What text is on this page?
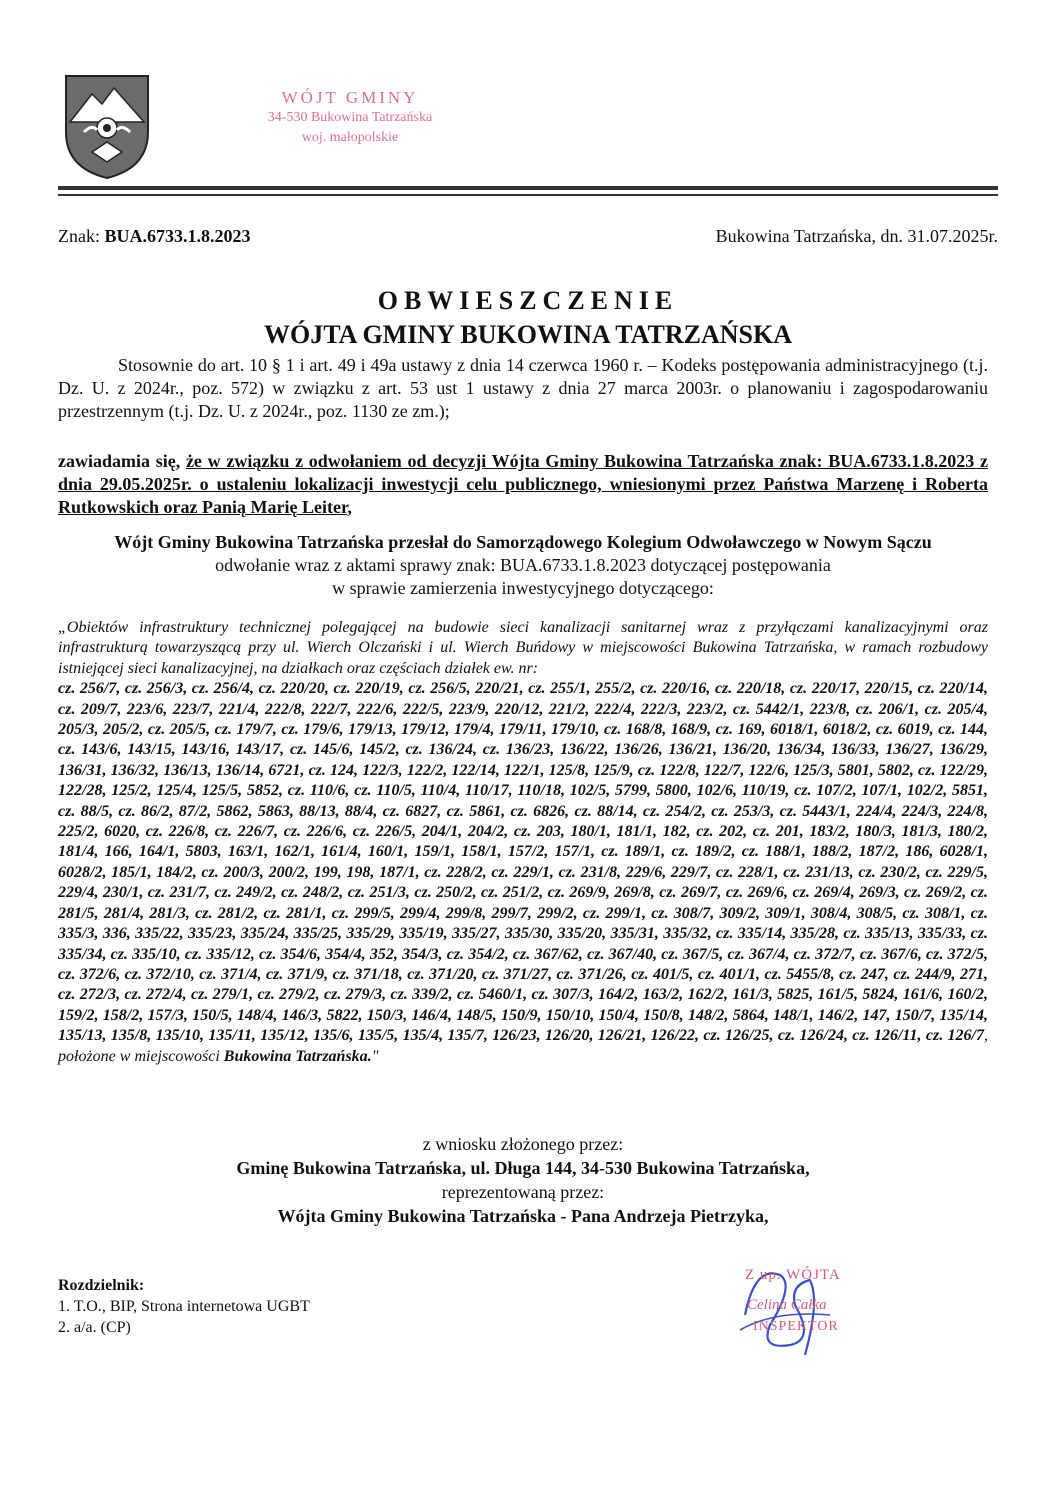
WÓJT GMINY
34-530 Bukowina Tatrzańska
woj. małopolskie
Znak: BUA.6733.1.8.2023	Bukowina Tatrzańska, dn. 31.07.2025r.
OBWIESZCZENIE
WÓJTA GMINY BUKOWINA TATRZAŃSKA
Stosownie do art. 10 § 1 i art. 49 i 49a ustawy z dnia 14 czerwca 1960 r. – Kodeks postępowania administracyjnego (t.j. Dz. U. z 2024r., poz. 572) w związku z art. 53 ust 1 ustawy z dnia 27 marca 2003r. o planowaniu i zagospodarowaniu przestrzennym (t.j. Dz. U. z 2024r., poz. 1130 ze zm.);
zawiadamia się, że w związku z odwołaniem od decyzji Wójta Gminy Bukowina Tatrzańska znak: BUA.6733.1.8.2023 z dnia 29.05.2025r. o ustaleniu lokalizacji inwestycji celu publicznego, wniesionymi przez Państwa Marzenę i Roberta Rutkowskich oraz Panią Marię Leiter,
Wójt Gminy Bukowina Tatrzańska przesłał do Samorządowego Kolegium Odwoławczego w Nowym Sączu
odwołanie wraz z aktami sprawy znak: BUA.6733.1.8.2023 dotyczącej postępowania
w sprawie zamierzenia inwestycyjnego dotyczącego:
„Obiektów infrastruktury technicznej polegającej na budowie sieci kanalizacji sanitarnej wraz z przyłączami kanalizacyjnymi oraz infrastrukturą towarzyszącą przy ul. Wierch Olczański i ul. Wierch Buńdowy w miejscowości Bukowina Tatrzańska, w ramach rozbudowy istniejącej sieci kanalizacyjnej, na działkach oraz częściach działek ew. nr:
cz. 256/7, cz. 256/3, cz. 256/4, cz. 220/20, cz. 220/19, cz. 256/5, 220/21, cz. 255/1, 255/2, cz. 220/16, cz. 220/18, cz. 220/17, 220/15, cz. 220/14, cz. 209/7, 223/6, 223/7, 221/4, 222/8, 222/7, 222/6, 222/5, 223/9, 220/12, 221/2, 222/4, 222/3, 223/2, cz. 5442/1, 223/8, cz. 206/1, cz. 205/4, 205/3, 205/2, cz. 205/5, cz. 179/7, cz. 179/6, 179/13, 179/12, 179/4, 179/11, 179/10, cz. 168/8, 168/9, cz. 169, 6018/1, 6018/2, cz. 6019, cz. 144, cz. 143/6, 143/15, 143/16, 143/17, cz. 145/6, 145/2, cz. 136/24, cz. 136/23, 136/22, 136/26, 136/21, 136/20, 136/34, 136/33, 136/27, 136/29, 136/31, 136/32, 136/13, 136/14, 6721, cz. 124, 122/3, 122/2, 122/14, 122/1, 125/8, 125/9, cz. 122/8, 122/7, 122/6, 125/3, 5801, 5802, cz. 122/29, 122/28, 125/2, 125/4, 125/5, 5852, cz. 110/6, cz. 110/5, 110/4, 110/17, 110/18, 102/5, 5799, 5800, 102/6, 110/19, cz. 107/2, 107/1, 102/2, 5851, cz. 88/5, cz. 86/2, 87/2, 5862, 5863, 88/13, 88/4, cz. 6827, cz. 5861, cz. 6826, cz. 88/14, cz. 254/2, cz. 253/3, cz. 5443/1, 224/4, 224/3, 224/8, 225/2, 6020, cz. 226/8, cz. 226/7, cz. 226/6, cz. 226/5, 204/1, 204/2, cz. 203, 180/1, 181/1, 182, cz. 202, cz. 201, 183/2, 180/3, 181/3, 180/2, 181/4, 166, 164/1, 5803, 163/1, 162/1, 161/4, 160/1, 159/1, 158/1, 157/2, 157/1, cz. 189/1, cz. 189/2, cz. 188/1, 188/2, 187/2, 186, 6028/1, 6028/2, 185/1, 184/2, cz. 200/3, 200/2, 199, 198, 187/1, cz. 228/2, cz. 229/1, cz. 231/8, 229/6, 229/7, cz. 228/1, cz. 231/13, cz. 230/2, cz. 229/5, 229/4, 230/1, cz. 231/7, cz. 249/2, cz. 248/2, cz. 251/3, cz. 250/2, cz. 251/2, cz. 269/9, 269/8, cz. 269/7, cz. 269/6, cz. 269/4, 269/3, cz. 269/2, cz. 281/5, 281/4, 281/3, cz. 281/2, cz. 281/1, cz. 299/5, 299/4, 299/8, 299/7, 299/2, cz. 299/1, cz. 308/7, 309/2, 309/1, 308/4, 308/5, cz. 308/1, cz. 335/3, 336, 335/22, 335/23, 335/24, 335/25, 335/29, 335/19, 335/27, 335/30, 335/20, 335/31, 335/32, cz. 335/14, 335/28, cz. 335/13, 335/33, cz. 335/34, cz. 335/10, cz. 335/12, cz. 354/6, 354/4, 352, 354/3, cz. 354/2, cz. 367/62, cz. 367/40, cz. 367/5, cz. 367/4, cz. 372/7, cz. 367/6, cz. 372/5, cz. 372/6, cz. 372/10, cz. 371/4, cz. 371/9, cz. 371/18, cz. 371/20, cz. 371/27, cz. 371/26, cz. 401/5, cz. 401/1, cz. 5455/8, cz. 247, cz. 244/9, 271, cz. 272/3, cz. 272/4, cz. 279/1, cz. 279/2, cz. 279/3, cz. 339/2, cz. 5460/1, cz. 307/3, 164/2, 163/2, 162/2, 161/3, 5825, 161/5, 5824, 161/6, 160/2, 159/2, 158/2, 157/3, 150/5, 148/4, 146/3, 5822, 150/3, 146/4, 148/5, 150/9, 150/10, 150/4, 150/8, 148/2, 5864, 148/1, 146/2, 147, 150/7, 135/14, 135/13, 135/8, 135/10, 135/11, 135/12, 135/6, 135/5, 135/4, 135/7, 126/23, 126/20, 126/21, 126/22, cz. 126/25, cz. 126/24, cz. 126/11, cz. 126/7, położone w miejscowości Bukowina Tatrzańska."
z wniosku złożonego przez:
Gminę Bukowina Tatrzańska, ul. Długa 144, 34-530 Bukowina Tatrzańska,
reprezentowaną przez:
Wójta Gminy Bukowina Tatrzańska - Pana Andrzeja Pietrzyka,
Rozdzielnik:
1. T.O., BIP, Strona internetowa UGBT
2. a/a. (CP)
Z up. WÓJTA
Celina Całka
INSPEKTOR
